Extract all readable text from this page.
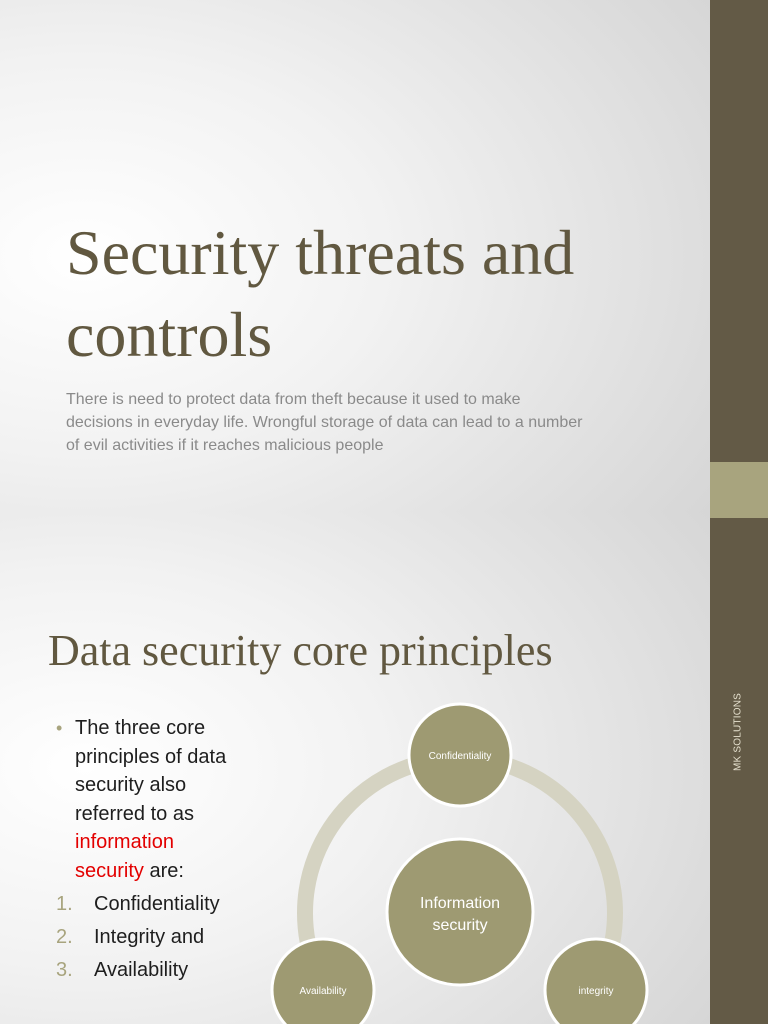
Security threats and
controls

There is need to protect data from theft because it used to make decisions in everyday life. Wrongful storage of data can lead to a number of evil activities if it reaches malicious people

Data security core principles
• The three core principles of data security also referred to as information security are:
1.	Confidentiality
2.	Integrity and
3.	Availability
Information
security
Confidentiality
Availability	integrity
MK SOLUTIONS
